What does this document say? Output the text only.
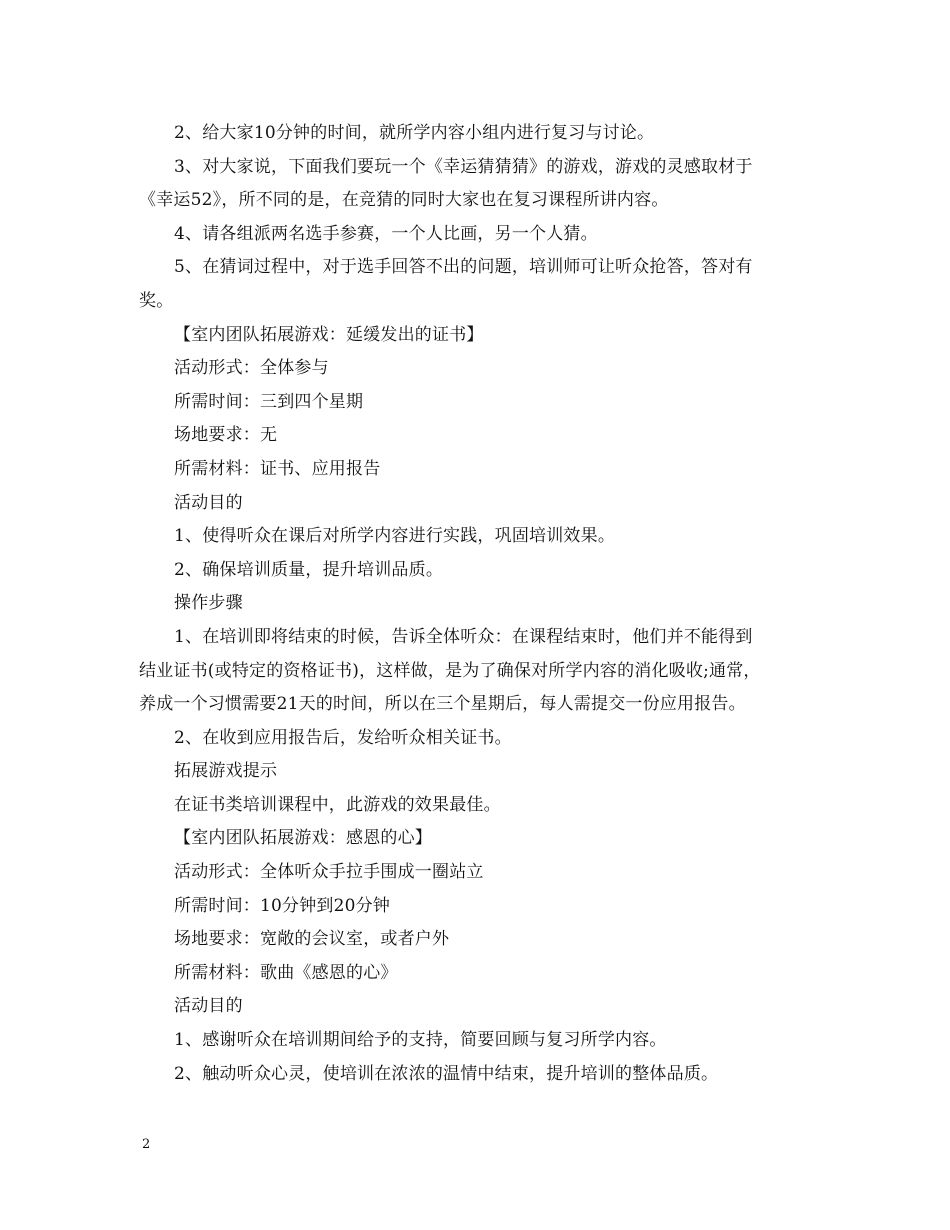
2、给大家10分钟的时间，就所学内容小组内进行复习与讨论。
3、对大家说，下面我们要玩一个《幸运猜猜猜》的游戏，游戏的灵感取材于
《幸运52》，所不同的是，在竞猜的同时大家也在复习课程所讲内容。
4、请各组派两名选手参赛，一个人比画，另一个人猜。
5、在猜词过程中，对于选手回答不出的问题，培训师可让听众抢答，答对有
奖。
【室内团队拓展游戏：延缓发出的证书】
活动形式：全体参与
所需时间：三到四个星期
场地要求：无
所需材料：证书、应用报告
活动目的
1、使得听众在课后对所学内容进行实践，巩固培训效果。
2、确保培训质量，提升培训品质。
操作步骤
1、在培训即将结束的时候，告诉全体听众：在课程结束时，他们并不能得到
结业证书(或特定的资格证书)，这样做，是为了确保对所学内容的消化吸收;通常，
养成一个习惯需要21天的时间，所以在三个星期后，每人需提交一份应用报告。
2、在收到应用报告后，发给听众相关证书。
拓展游戏提示
在证书类培训课程中，此游戏的效果最佳。
【室内团队拓展游戏：感恩的心】
活动形式：全体听众手拉手围成一圈站立
所需时间：10分钟到20分钟
场地要求：宽敞的会议室，或者户外
所需材料：歌曲《感恩的心》
活动目的
1、感谢听众在培训期间给予的支持，简要回顾与复习所学内容。
2、触动听众心灵，使培训在浓浓的温情中结束，提升培训的整体品质。
2
